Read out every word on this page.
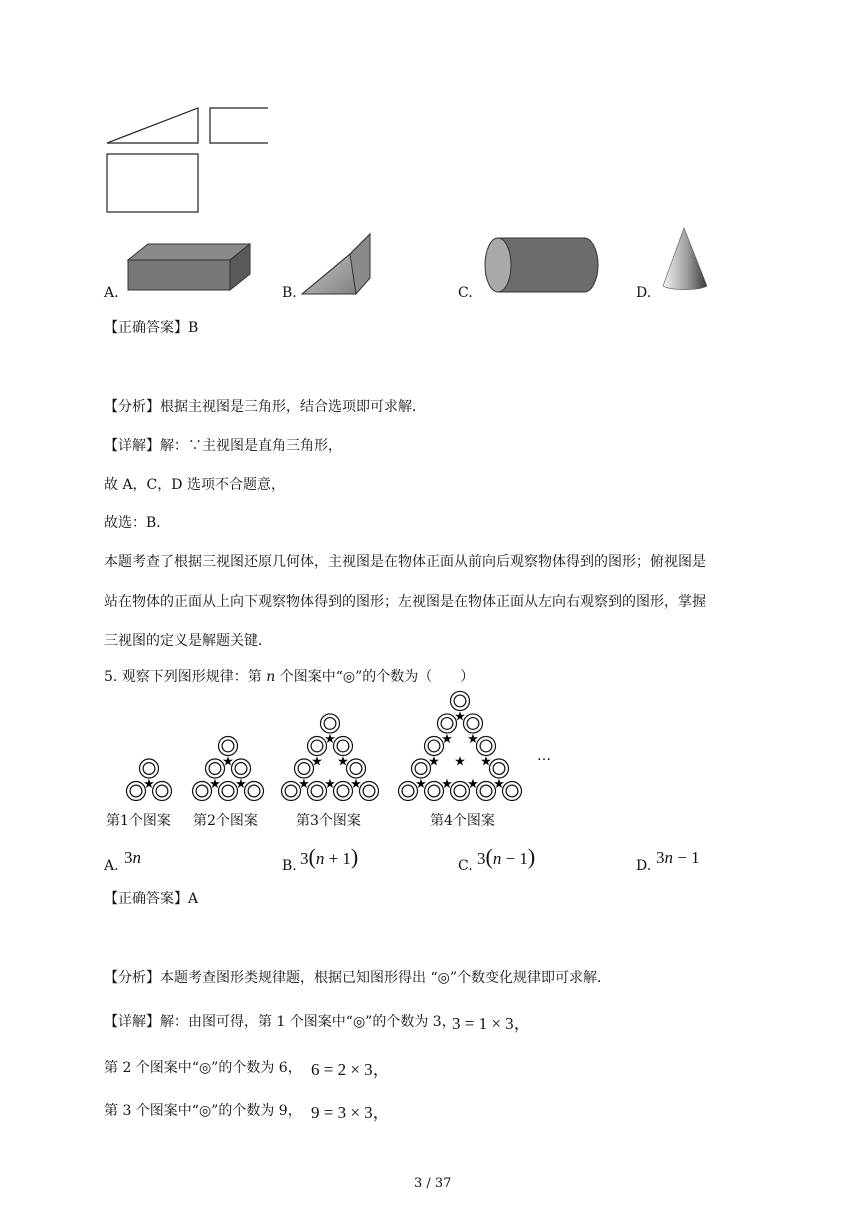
A.	B.	C.	D.
【正确答案】B
【分析】根据主视图是三角形，结合选项即可求解．
【详解】解：∵主视图是直角三角形，
故 A，C，D 选项不合题意，
故选：B．
本题考查了根据三视图还原几何体，主视图是在物体正面从前向后观察物体得到的图形；俯视图是
站在物体的正面从上向下观察物体得到的图形；左视图是在物体正面从左向右观察到的图形，掌握
三视图的定义是解题关键．
5. 观察下列图形规律：第 n 个图案中“◎”的个数为（　　）
★	★ ★
★
★ ★ ★
★ ★
★
★ ★ ★ ★
★ ★ ★
★ ★
★
…
第1个图案 第2个图案	第3个图案	第4个图案
A. 3n	B. 3(n + 1)	C. 3(n − 1)	D. 3n − 1
【正确答案】A
【分析】本题考查图形类规律题，根据已知图形得出 “◎”个数变化规律即可求解．
【详解】解：由图可得，第 1 个图案中“◎”的个数为 3，
3 = 1 × 3，
第 2 个图案中“◎”的个数为 6， 6 = 2 × 3，
第 3 个图案中“◎”的个数为 9， 9 = 3 × 3，
3 / 37
